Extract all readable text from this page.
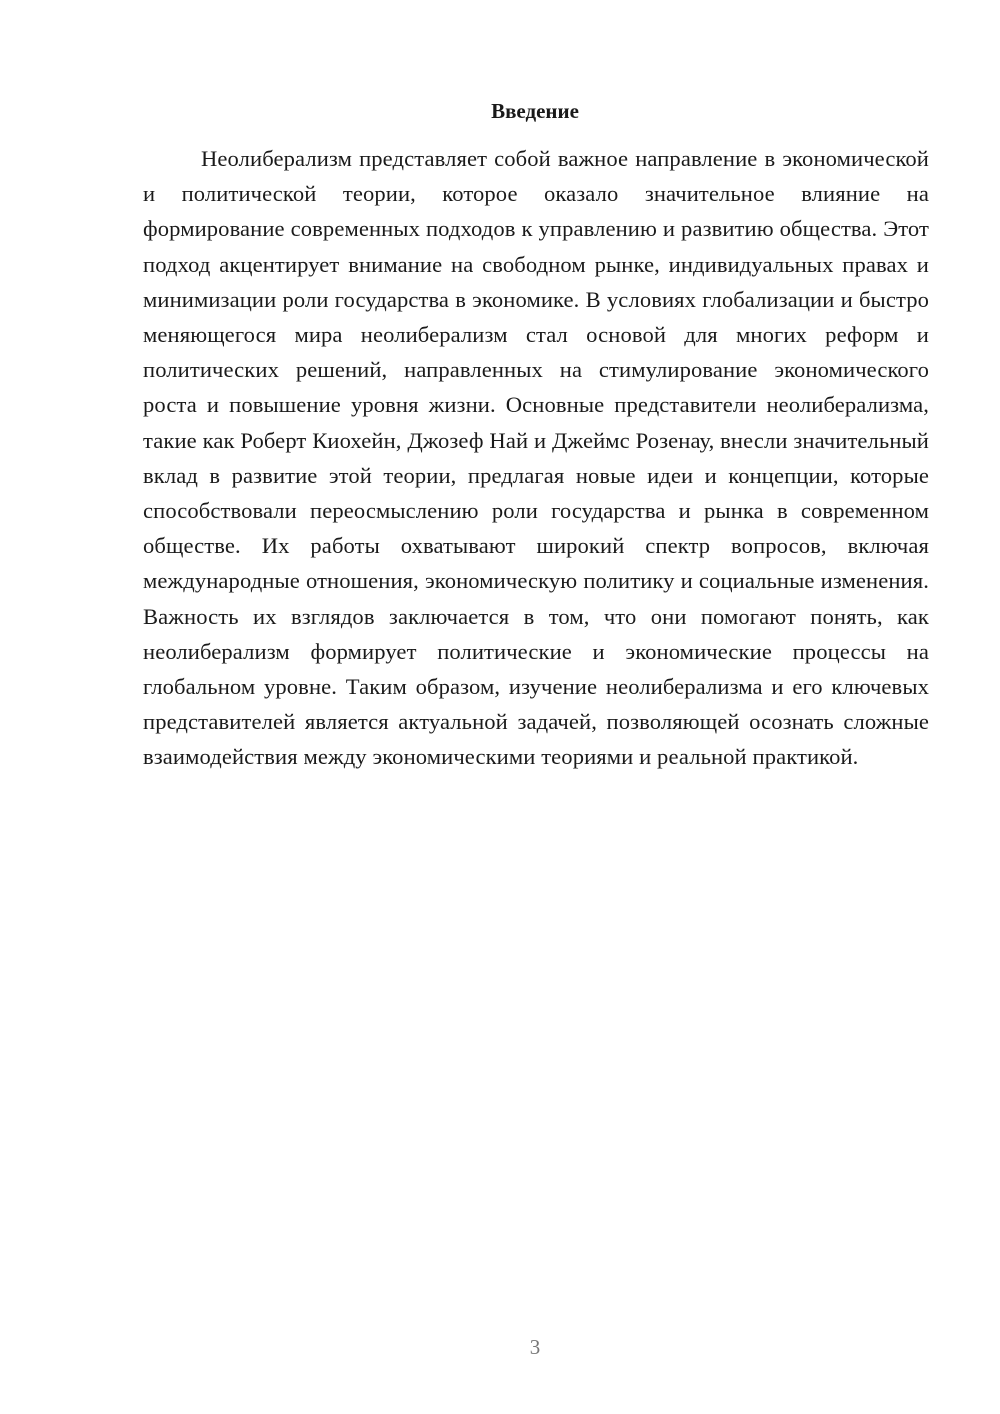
Введение

Неолиберализм представляет собой важное направление в экономической и политической теории, которое оказало значительное влияние на формирование современных подходов к управлению и развитию общества. Этот подход акцентирует внимание на свободном рынке, индивидуальных правах и минимизации роли государства в экономике. В условиях глобализации и быстро меняющегося мира неолиберализм стал основой для многих реформ и политических решений, направленных на стимулирование экономического роста и повышение уровня жизни. Основные представители неолиберализма, такие как Роберт Киохейн, Джозеф Най и Джеймс Розенау, внесли значительный вклад в развитие этой теории, предлагая новые идеи и концепции, которые способствовали переосмыслению роли государства и рынка в современном обществе. Их работы охватывают широкий спектр вопросов, включая международные отношения, экономическую политику и социальные изменения. Важность их взглядов заключается в том, что они помогают понять, как неолиберализм формирует политические и экономические процессы на глобальном уровне. Таким образом, изучение неолиберализма и его ключевых представителей является актуальной задачей, позволяющей осознать сложные взаимодействия между экономическими теориями и реальной практикой.

3
